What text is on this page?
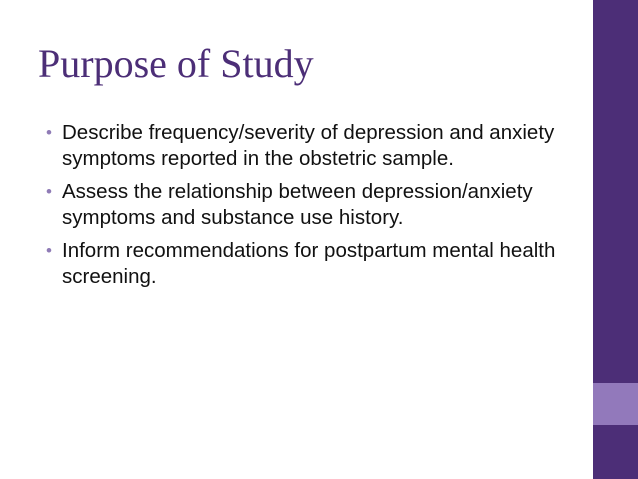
Purpose of Study
• Describe frequency/severity of depression and anxiety symptoms reported in the obstetric sample.
• Assess the relationship between depression/anxiety symptoms and substance use history.
• Inform recommendations for postpartum mental health screening.
